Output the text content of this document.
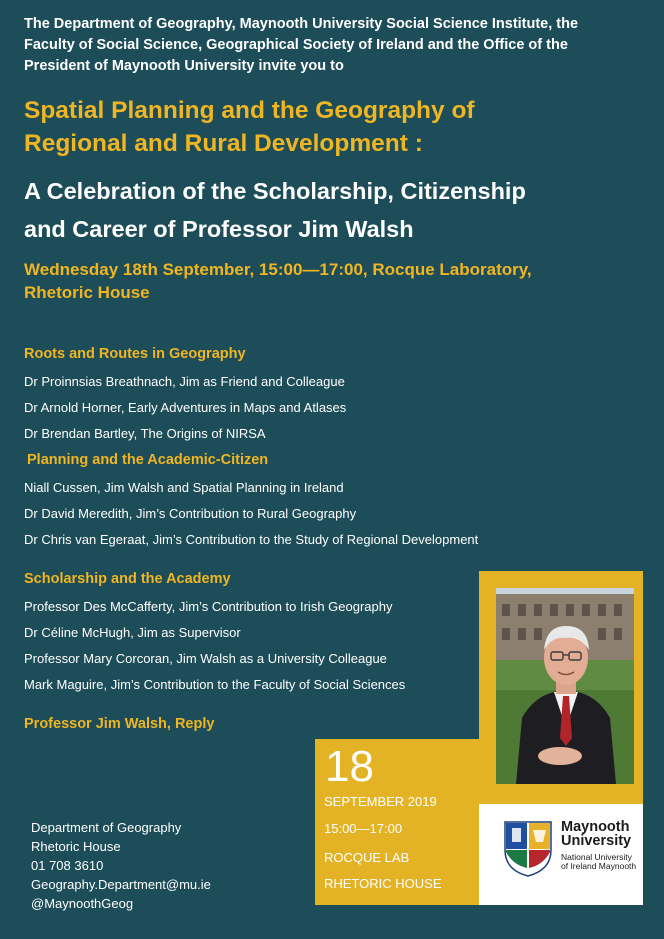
The Department of Geography, Maynooth University Social Science Institute, the
Faculty of Social Science, Geographical Society of Ireland and the Office of the
President of Maynooth University invite you to
Spatial Planning and the Geography of
Regional and Rural Development :
A Celebration of the Scholarship, Citizenship
and Career of Professor Jim Walsh
Wednesday 18th September, 15:00—17:00, Rocque Laboratory,
Rhetoric House
Roots and Routes in Geography
Dr Proinnsias Breathnach, Jim as Friend and Colleague
Dr Arnold Horner, Early Adventures in Maps and Atlases
Dr Brendan Bartley, The Origins of NIRSA
Planning and the Academic-Citizen
Niall Cussen, Jim Walsh and Spatial Planning in Ireland
Dr David Meredith, Jim’s Contribution to Rural Geography
Dr Chris van Egeraat, Jim’s Contribution to the Study of Regional Development
Scholarship and the Academy
Professor Des McCafferty, Jim’s Contribution to Irish Geography
Dr Céline McHugh, Jim as Supervisor
Professor Mary Corcoran, Jim Walsh as a University Colleague
Mark Maguire, Jim’s Contribution to the Faculty of Social Sciences
Professor Jim Walsh, Reply
18
SEPTEMBER 2019
15:00—17:00
ROCQUE LAB
RHETORIC HOUSE
Department of Geography
Rhetoric House
01 708 3610
Geography.Department@mu.ie
@MaynoothGeog
Maynooth
University
National University
of Ireland Maynooth
